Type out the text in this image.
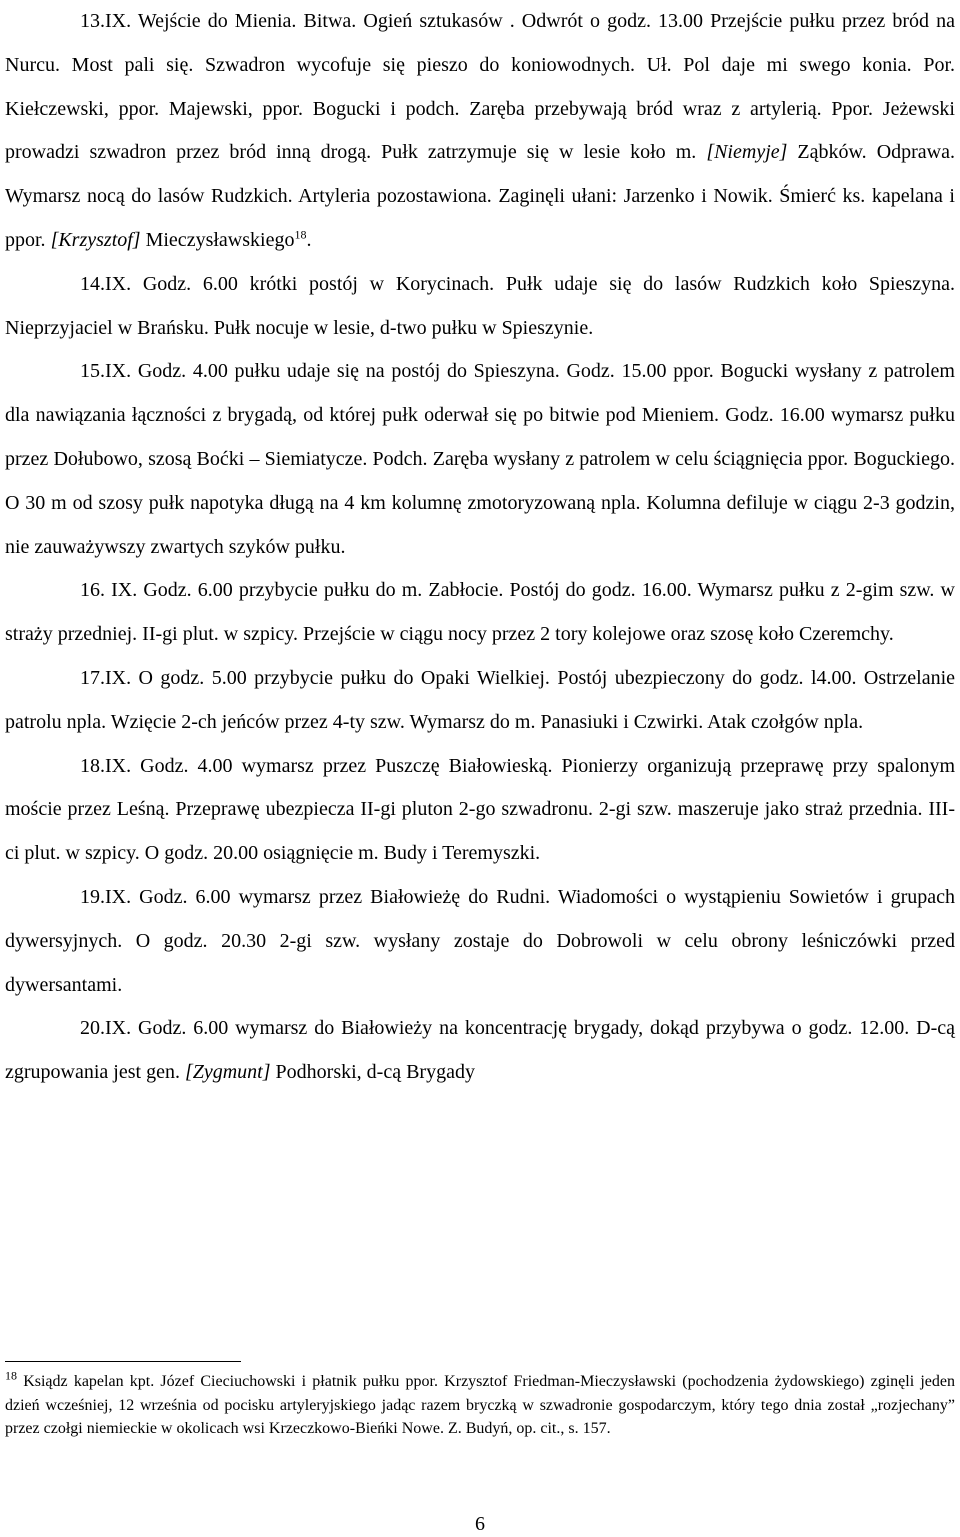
13.IX. Wejście do Mienia. Bitwa. Ogień sztukasów . Odwrót o godz. 13.00 Przejście pułku przez bród na Nurcu. Most pali się. Szwadron wycofuje się pieszo do koniowodnych. Uł. Pol daje mi swego konia. Por. Kiełczewski, ppor. Majewski, ppor. Bogucki i podch. Zaręba przebywają bród wraz z artylerią. Ppor. Jeżewski prowadzi szwadron przez bród inną drogą. Pułk zatrzymuje się w lesie koło m. [Niemyje] Ząbków. Odprawa. Wymarsz nocą do lasów Rudzkich. Artyleria pozostawiona. Zaginęli ułani: Jarzenko i Nowik. Śmierć ks. kapelana i ppor. [Krzysztof] Mieczysławskiego$^{18}$.

14.IX. Godz. 6.00 krótki postój w Korycinach. Pułk udaje się do lasów Rudzkich koło Spieszyna. Nieprzyjaciel w Brańsku. Pułk nocuje w lesie, d-two pułku w Spieszynie.

15.IX. Godz. 4.00 pułku udaje się na postój do Spieszyna. Godz. 15.00 ppor. Bogucki wysłany z patrolem dla nawiązania łączności z brygadą, od której pułk oderwał się po bitwie pod Mieniem. Godz. 16.00 wymarsz pułku przez Dołubowo, szosą Boćki – Siemiatycze. Podch. Zaręba wysłany z patrolem w celu ściągnięcia ppor. Boguckiego. O 30 m od szosy pułk napotyka długą na 4 km kolumnę zmotoryzowaną npla. Kolumna defiluje w ciągu 2-3 godzin, nie zauważywszy zwartych szyków pułku.

16. IX. Godz. 6.00 przybycie pułku do m. Zabłocie. Postój do godz. 16.00. Wymarsz pułku z 2-gim szw. w straży przedniej. II-gi plut. w szpicy. Przejście w ciągu nocy przez 2 tory kolejowe oraz szosę koło Czeremchy.

17.IX. O godz. 5.00 przybycie pułku do Opaki Wielkiej. Postój ubezpieczony do godz. l4.00. Ostrzelanie patrolu npla. Wzięcie 2-ch jeńców przez 4-ty szw. Wymarsz do m. Panasiuki i Czwirki. Atak czołgów npla.

18.IX. Godz. 4.00 wymarsz przez Puszczę Białowieską. Pionierzy organizują przeprawę przy spalonym moście przez Leśną. Przeprawę ubezpiecza II-gi pluton 2-go szwadronu. 2-gi szw. maszeruje jako straż przednia. III-ci plut. w szpicy. O godz. 20.00 osiągnięcie m. Budy i Teremyszki.

19.IX. Godz. 6.00 wymarsz przez Białowieżę do Rudni. Wiadomości o wystąpieniu Sowietów i grupach dywersyjnych. O godz. 20.30 2-gi szw. wysłany zostaje do Dobrowoli w celu obrony leśniczówki przed dywersantami.

20.IX. Godz. 6.00 wymarsz do Białowieży na koncentrację brygady, dokąd przybywa o godz. 12.00. D-cą zgrupowania jest gen. [Zygmunt] Podhorski, d-cą Brygady

$^{18}$ Ksiądz kapelan kpt. Józef Cieciuchowski i płatnik pułku ppor. Krzysztof Friedman-Mieczysławski (pochodzenia żydowskiego) zginęli jeden dzień wcześniej, 12 września od pocisku artyleryjskiego jadąc razem bryczką w szwadronie gospodarczym, który tego dnia został „rozjechany” przez czołgi niemieckie w okolicach wsi Krzeczkowo-Bieńki Nowe. Z. Budyń, op. cit., s. 157.
6
